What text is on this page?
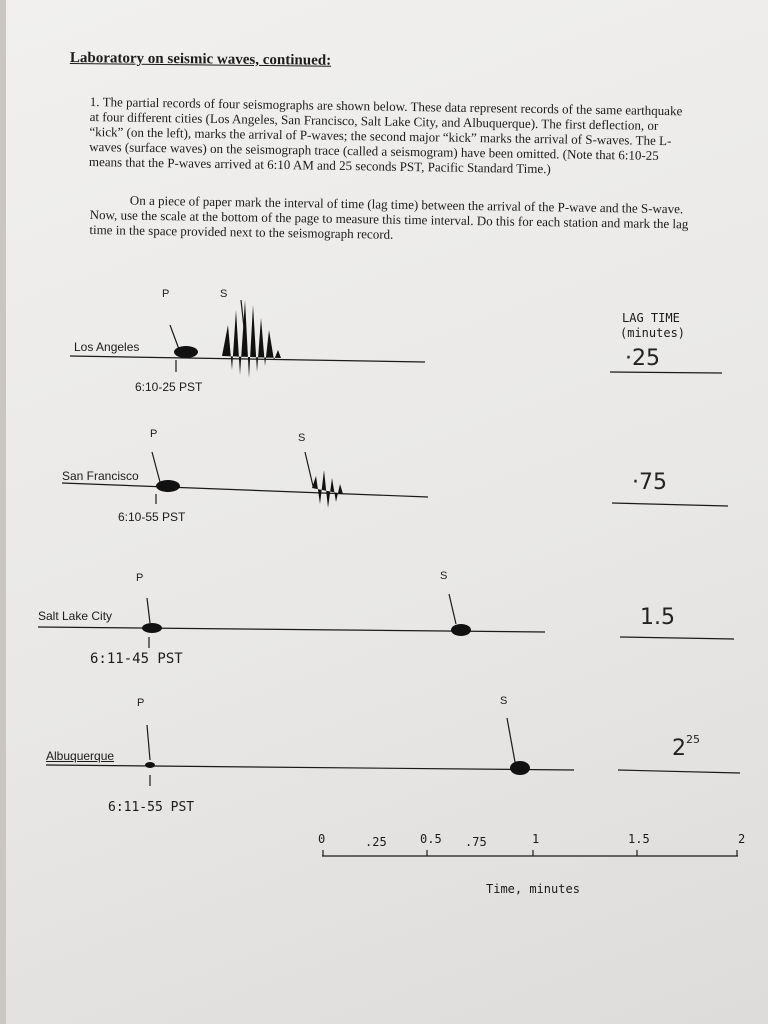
Laboratory on seismic waves, continued:
1. The partial records of four seismographs are shown below. These data represent records of the same earthquake at four different cities (Los Angeles, San Francisco, Salt Lake City, and Albuquerque). The first deflection, or “kick” (on the left), marks the arrival of P-waves; the second major “kick” marks the arrival of S-waves. The L-waves (surface waves) on the seismograph trace (called a seismogram) have been omitted. (Note that 6:10-25 means that the P-waves arrived at 6:10 AM and 25 seconds PST, Pacific Standard Time.)
On a piece of paper mark the interval of time (lag time) between the arrival of the P-wave and the S-wave. Now, use the scale at the bottom of the page to measure this time interval. Do this for each station and mark the lag time in the space provided next to the seismograph record.
LAG TIME
(minutes)
P	S
Los Angeles
6:10-25 PST
·25
P	S
San Francisco
6:10-55 PST
·75
P	S
Salt Lake City
6:11-45 PST
1.5
P	S
Albuquerque
6:11-55 PST
$2^{25}$
0	.25	0.5 .75	1	1.5	2
Time, minutes
